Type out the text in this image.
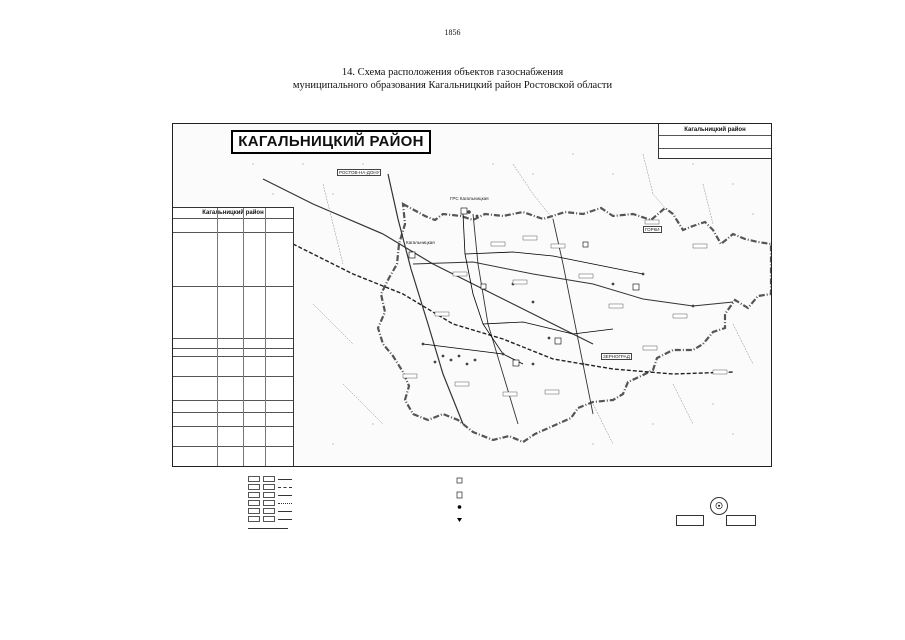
1856
14. Схема расположения объектов газоснабжения
муниципального образования Кагальницкий район Ростовской области
КАГАЛЬНИЦКИЙ РАЙОН
РОСТОВ-НА-ДОНУ
ЗЕРНОГРАД
ГОРКИ
ГРС Кагальницкая
Кагальницкая
Кагальницкий район
Кагальницкий район
☉
